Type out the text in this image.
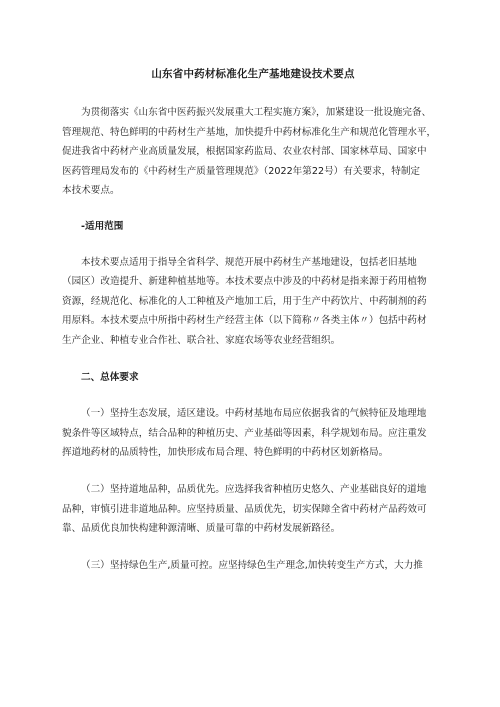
山东省中药材标准化生产基地建设技术要点

为贯彻落实《山东省中医药振兴发展重大工程实施方案》，加紧建设一批设施完备、
管理规范、特色鲜明的中药材生产基地，加快提升中药材标准化生产和规范化管理水平，
促进我省中药材产业高质量发展，根据国家药监局、农业农村部、国家林草局、国家中
医药管理局发布的《中药材生产质量管理规范》（2022年第22号）有关要求，特制定
本技术要点。

-适用范围

本技术要点适用于指导全省科学、规范开展中药材生产基地建设，包括老旧基地
（园区）改造提升、新建种植基地等。本技术要点中涉及的中药材是指来源于药用植物
资源，经规范化、标准化的人工种植及产地加工后，用于生产中药饮片、中药制剂的药
用原料。本技术要点中所指中药材生产经营主体（以下简称〃各类主体〃）包括中药材
生产企业、种植专业合作社、联合社、家庭农场等农业经营组织。

二、总体要求

（一）坚持生态发展，适区建设。中药材基地布局应依据我省的气候特征及地理地
貌条件等区域特点，结合品种的种植历史、产业基础等因素，科学规划布局。应注重发
挥道地药材的品质特性，加快形成布局合理、特色鲜明的中药材区划新格局。

（二）坚持道地品种，品质优先。应选择我省种植历史悠久、产业基础良好的道地
品种，审慎引进非道地品种。应坚持质量、品质优先，切实保障全省中药材产品药效可
靠、品质优良加快构建种源清晰、质量可靠的中药材发展新路径。

（三）坚持绿色生产,质量可控。应坚持绿色生产理念,加快转变生产方式，大力推
